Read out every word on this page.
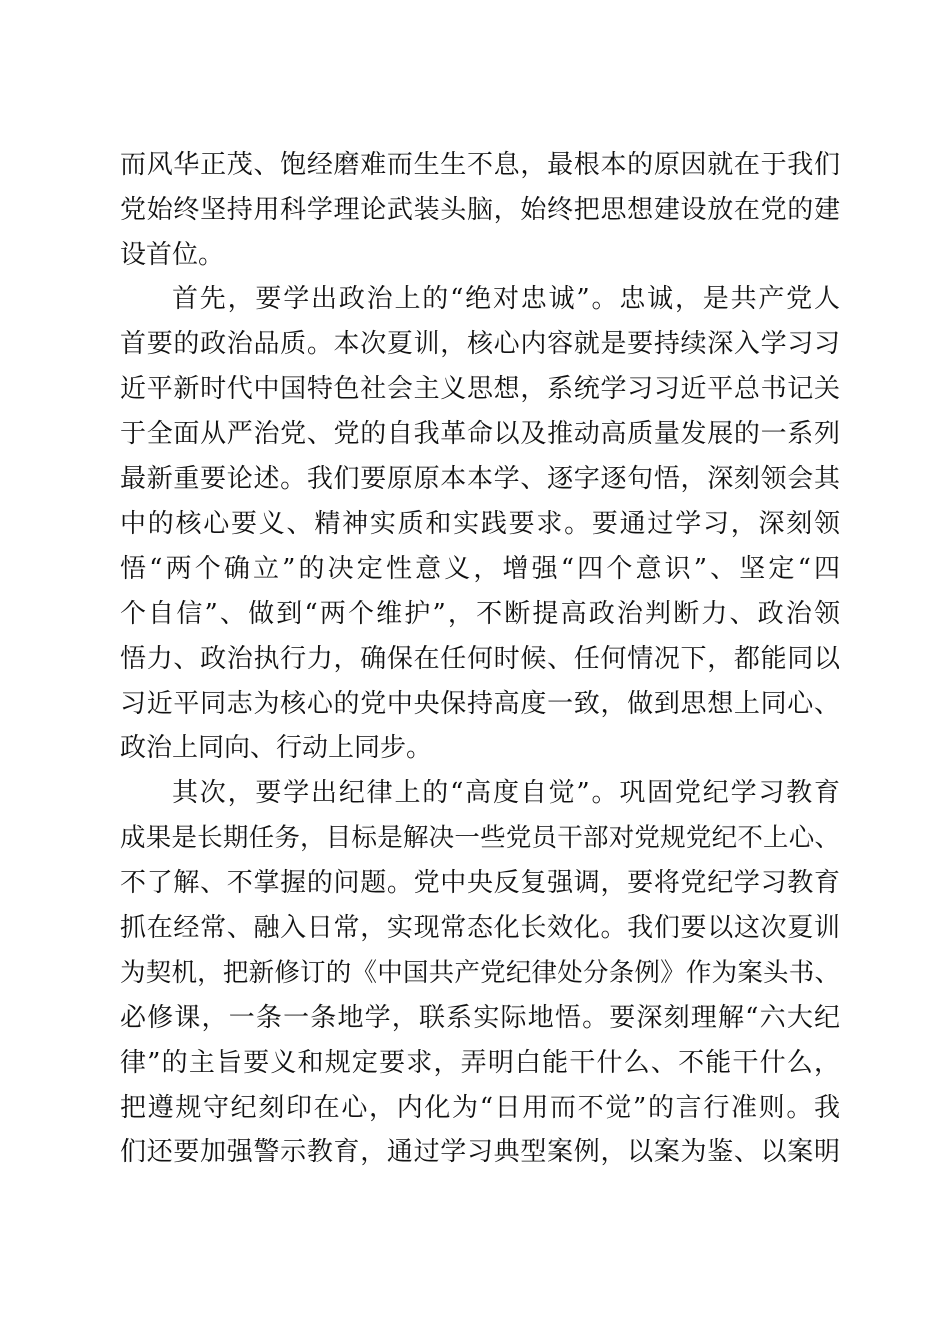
而风华正茂、饱经磨难而生生不息，最根本的原因就在于我们
党始终坚持用科学理论武装头脑，始终把思想建设放在党的建
设首位。
首先，要学出政治上的“绝对忠诚”。忠诚，是共产党人
首要的政治品质。本次夏训，核心内容就是要持续深入学习习
近平新时代中国特色社会主义思想，系统学习习近平总书记关
于全面从严治党、党的自我革命以及推动高质量发展的一系列
最新重要论述。我们要原原本本学、逐字逐句悟，深刻领会其
中的核心要义、精神实质和实践要求。要通过学习，深刻领
悟“两个确立”的决定性意义，增强“四个意识”、坚定“四
个自信”、做到“两个维护”，不断提高政治判断力、政治领
悟力、政治执行力，确保在任何时候、任何情况下，都能同以
习近平同志为核心的党中央保持高度一致，做到思想上同心、
政治上同向、行动上同步。
其次，要学出纪律上的“高度自觉”。巩固党纪学习教育
成果是长期任务，目标是解决一些党员干部对党规党纪不上心、
不了解、不掌握的问题。党中央反复强调，要将党纪学习教育
抓在经常、融入日常，实现常态化长效化。我们要以这次夏训
为契机，把新修订的《中国共产党纪律处分条例》作为案头书、
必修课，一条一条地学，联系实际地悟。要深刻理解“六大纪
律”的主旨要义和规定要求，弄明白能干什么、不能干什么，
把遵规守纪刻印在心，内化为“日用而不觉”的言行准则。我
们还要加强警示教育，通过学习典型案例，以案为鉴、以案明
